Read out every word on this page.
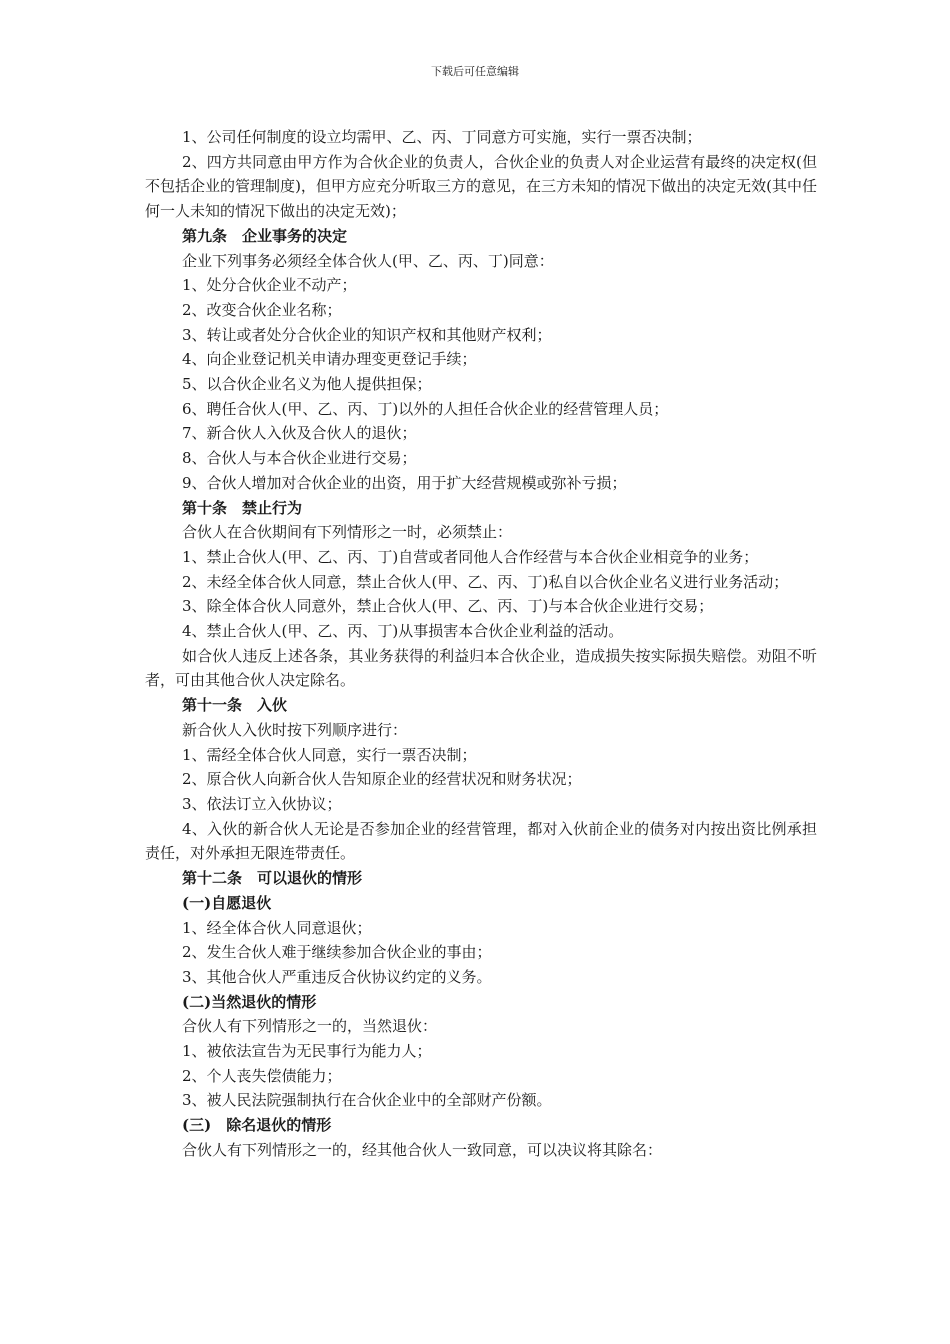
下载后可任意编辑

1、公司任何制度的设立均需甲、乙、丙、丁同意方可实施，实行一票否决制；

2、四方共同意由甲方作为合伙企业的负责人，合伙企业的负责人对企业运营有最终的决定权(但不包括企业的管理制度)，但甲方应充分听取三方的意见，在三方未知的情况下做出的决定无效(其中任何一人未知的情况下做出的决定无效)；

第九条　企业事务的决定

企业下列事务必须经全体合伙人(甲、乙、丙、丁)同意：

1、处分合伙企业不动产；

2、改变合伙企业名称；

3、转让或者处分合伙企业的知识产权和其他财产权利；

4、向企业登记机关申请办理变更登记手续；

5、以合伙企业名义为他人提供担保；

6、聘任合伙人(甲、乙、丙、丁)以外的人担任合伙企业的经营管理人员；

7、新合伙人入伙及合伙人的退伙；

8、合伙人与本合伙企业进行交易；

9、合伙人增加对合伙企业的出资，用于扩大经营规模或弥补亏损；

第十条　禁止行为

合伙人在合伙期间有下列情形之一时，必须禁止：

1、禁止合伙人(甲、乙、丙、丁)自营或者同他人合作经营与本合伙企业相竞争的业务；

2、未经全体合伙人同意，禁止合伙人(甲、乙、丙、丁)私自以合伙企业名义进行业务活动；

3、除全体合伙人同意外，禁止合伙人(甲、乙、丙、丁)与本合伙企业进行交易；

4、禁止合伙人(甲、乙、丙、丁)从事损害本合伙企业利益的活动。

如合伙人违反上述各条，其业务获得的利益归本合伙企业，造成损失按实际损失赔偿。劝阻不听者，可由其他合伙人决定除名。

第十一条　入伙

新合伙人入伙时按下列顺序进行：

1、需经全体合伙人同意，实行一票否决制；

2、原合伙人向新合伙人告知原企业的经营状况和财务状况；

3、依法订立入伙协议；

4、入伙的新合伙人无论是否参加企业的经营管理，都对入伙前企业的债务对内按出资比例承担责任，对外承担无限连带责任。

第十二条　可以退伙的情形

(一)自愿退伙

1、经全体合伙人同意退伙；

2、发生合伙人难于继续参加合伙企业的事由；

3、其他合伙人严重违反合伙协议约定的义务。

(二)当然退伙的情形

合伙人有下列情形之一的，当然退伙：

1、被依法宣告为无民事行为能力人；

2、个人丧失偿债能力；

3、被人民法院强制执行在合伙企业中的全部财产份额。

(三)　除名退伙的情形

合伙人有下列情形之一的，经其他合伙人一致同意，可以决议将其除名：
